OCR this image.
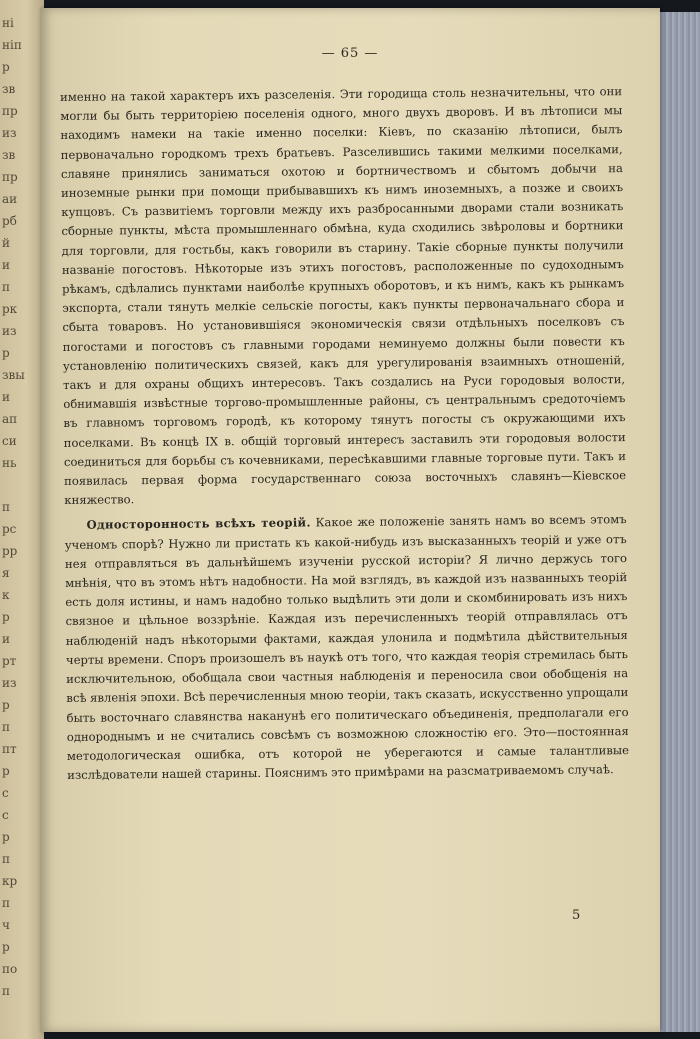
ні
ніп
р
зв
пр
из
зв
пр
аи
рб
й
и
п
рк
из
р
звы
и
ап
си
нь

п
рс
рр
я
к
р
и
рт
из
р
п
пт
р
с
с
р
п
кр
п
ч
р
по
п
— 65 —

именно на такой характеръ ихъ разселенія. Эти городища столь незначительны, что они могли бы быть территоріею поселенія одного, много двухъ дворовъ. И въ лѣтописи мы находимъ намеки на такіе именно поселки: Кіевъ, по сказанію лѣтописи, былъ первоначально городкомъ трехъ братьевъ. Разселившись такими мелкими поселками, славяне принялись заниматься охотою и бортничествомъ и сбытомъ добычи на иноземные рынки при помощи прибывавшихъ къ нимъ иноземныхъ, а позже и своихъ купцовъ. Съ развитіемъ торговли между ихъ разбросанными дворами стали возникать сборные пункты, мѣста промышленнаго обмѣна, куда сходились звѣроловы и бортники для торговли, для гостьбы, какъ говорили въ старину. Такіе сборные пункты получили названіе погостовъ. Нѣкоторые изъ этихъ погостовъ, расположенные по судоходнымъ рѣкамъ, сдѣлались пунктами наиболѣе крупныхъ оборотовъ, и къ нимъ, какъ къ рынкамъ экспорта, стали тянуть мелкіе сельскіе погосты, какъ пункты первоначальнаго сбора и сбыта товаровъ. Но установившіяся экономическія связи отдѣльныхъ поселковъ съ погостами и погостовъ съ главными городами неминуемо должны были повести къ установленію политическихъ связей, какъ для урегулированія взаимныхъ отношеній, такъ и для охраны общихъ интересовъ. Такъ создались на Руси городовыя волости, обнимавшія извѣстные торгово-промышленные районы, съ центральнымъ средоточіемъ въ главномъ торговомъ городѣ, къ которому тянутъ погосты съ окружающими ихъ поселками. Въ концѣ IX в. общій торговый интересъ заставилъ эти городовыя волости соединиться для борьбы съ кочевниками, пересѣкавшими главные торговые пути. Такъ и появилась первая форма государственнаго союза восточныхъ славянъ—Кіевское княжество.

Односторонность всѣхъ теорій. Какое же положеніе занять намъ во всемъ этомъ ученомъ спорѣ? Нужно ли пристать къ какой-нибудь изъ высказанныхъ теорій и уже отъ нея отправляться въ дальнѣйшемъ изученіи русской исторіи? Я лично держусь того мнѣнія, что въ этомъ нѣтъ надобности. На мой взглядъ, въ каждой изъ названныхъ теорій есть доля истины, и намъ надобно только выдѣлить эти доли и скомбинировать изъ нихъ связное и цѣльное воззрѣніе. Каждая изъ перечисленныхъ теорій отправлялась отъ наблюденій надъ нѣкоторыми фактами, каждая улонила и подмѣтила дѣйствительныя черты времени. Споръ произошелъ въ наукѣ отъ того, что каждая теорія стремилась быть исключительною, обобщала свои частныя наблюденія и переносила свои обобщенія на всѣ явленія эпохи. Всѣ перечисленныя мною теоріи, такъ сказать, искусственно упрощали быть восточнаго славянства наканунѣ его политическаго объединенія, предполагали его однороднымъ и не считались совсѣмъ съ возможною сложностію его. Это—постоянная методологическая ошибка, отъ которой не уберегаются и самые талантливые изслѣдователи нашей старины. Пояснимъ это примѣрами на разсматриваемомъ случаѣ.

5
